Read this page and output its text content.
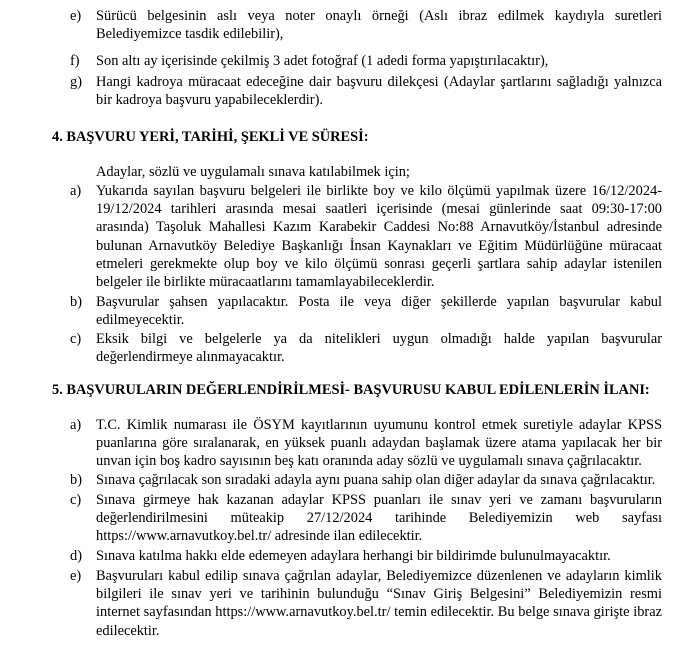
e)	Sürücü belgesinin aslı veya noter onaylı örneği (Aslı ibraz edilmek kaydıyla suretleri Belediyemizce tasdik edilebilir),
f)	Son altı ay içerisinde çekilmiş 3 adet fotoğraf (1 adedi forma yapıştırılacaktır),
g) Hangi kadroya müracaat edeceğine dair başvuru dilekçesi (Adaylar şartlarını sağladığı yalnızca bir kadroya başvuru yapabileceklerdir).
4. BAŞVURU YERİ, TARİHİ, ŞEKLİ VE SÜRESİ:
Adaylar, sözlü ve uygulamalı sınava katılabilmek için;
a)	Yukarıda sayılan başvuru belgeleri ile birlikte boy ve kilo ölçümü yapılmak üzere 16/12/2024-19/12/2024 tarihleri arasında mesai saatleri içerisinde (mesai günlerinde saat 09:30-17:00 arasında) Taşoluk Mahallesi Kazım Karabekir Caddesi No:88 Arnavutköy/İstanbul adresinde bulunan Arnavutköy Belediye Başkanlığı İnsan Kaynakları ve Eğitim Müdürlüğüne müracaat etmeleri gerekmekte olup boy ve kilo ölçümü sonrası geçerli şartlara sahip adaylar istenilen belgeler ile birlikte müracaatlarını tamamlayabileceklerdir.
b) Başvurular şahsen yapılacaktır. Posta ile veya diğer şekillerde yapılan başvurular kabul edilmeyecektir.
c)	Eksik bilgi ve belgelerle ya da nitelikleri uygun olmadığı halde yapılan başvurular değerlendirmeye alınmayacaktır.
5. BAŞVURULARIN DEĞERLENDİRİLMESİ- BAŞVURUSU KABUL EDİLENLERİN İLANI:
a)	T.C. Kimlik numarası ile ÖSYM kayıtlarının uyumunu kontrol etmek suretiyle adaylar KPSS puanlarına göre sıralanarak, en yüksek puanlı adaydan başlamak üzere atama yapılacak her bir unvan için boş kadro sayısının beş katı oranında aday sözlü ve uygulamalı sınava çağrılacaktır.
b) Sınava çağrılacak son sıradaki adayla aynı puana sahip olan diğer adaylar da sınava çağrılacaktır.
c)	Sınava girmeye hak kazanan adaylar KPSS puanları ile sınav yeri ve zamanı başvuruların değerlendirilmesini müteakip 27/12/2024 tarihinde Belediyemizin web sayfası https://www.arnavutkoy.bel.tr/ adresinde ilan edilecektir.
d) Sınava katılma hakkı elde edemeyen adaylara herhangi bir bildirimde bulunulmayacaktır.
e)	Başvuruları kabul edilip sınava çağrılan adaylar, Belediyemizce düzenlenen ve adayların kimlik bilgileri ile sınav yeri ve tarihinin bulunduğu “Sınav Giriş Belgesini” Belediyemizin resmi internet sayfasından https://www.arnavutkoy.bel.tr/ temin edilecektir. Bu belge sınava girişte ibraz edilecektir.
